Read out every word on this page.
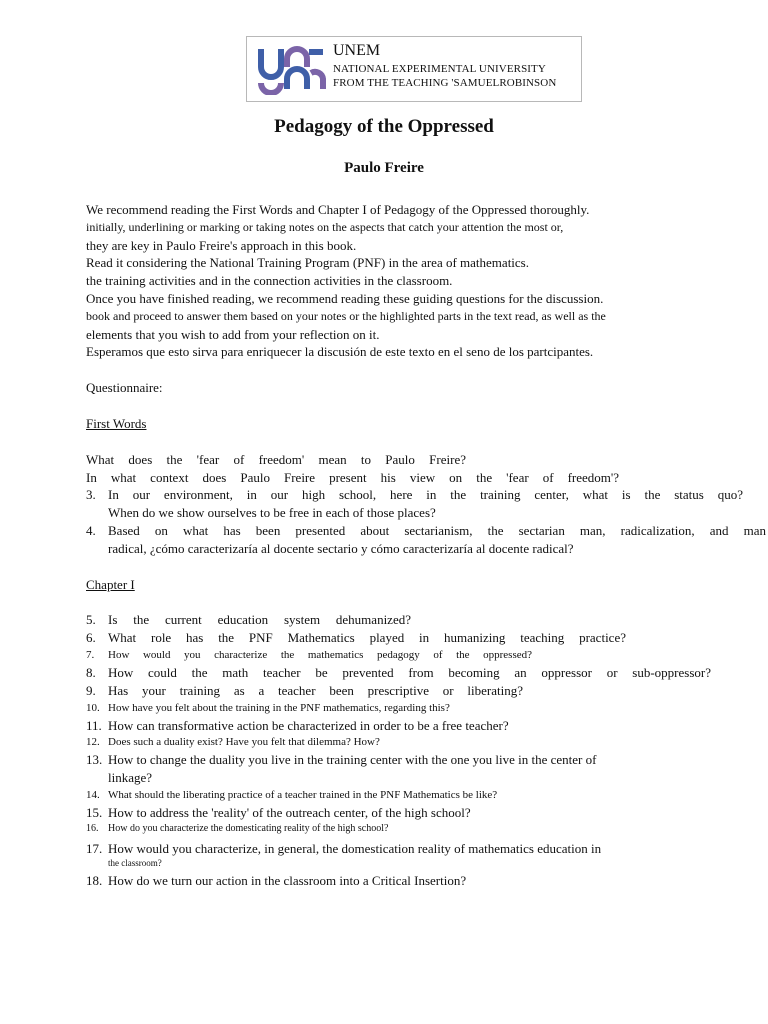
UNEM
NATIONAL EXPERIMENTAL UNIVERSITY
FROM THE TEACHING 'SAMUELROBINSON
Pedagogy of the Oppressed
Paulo Freire
We recommend reading the First Words and Chapter I of Pedagogy of the Oppressed thoroughly.
initially, underlining or marking or taking notes on the aspects that catch your attention the most or,
they are key in Paulo Freire's approach in this book.
Read it considering the National Training Program (PNF) in the area of mathematics.
the training activities and in the connection activities in the classroom.
Once you have finished reading, we recommend reading these guiding questions for the discussion.
book and proceed to answer them based on your notes or the highlighted parts in the text read, as well as the
elements that you wish to add from your reflection on it.
Esperamos que esto sirva para enriquecer la discusión de este texto en el seno de los partcipantes.
Questionnaire:
First Words
What does the 'fear of freedom' mean to Paulo Freire?
In what context does Paulo Freire present his view on the 'fear of freedom'?
3. In our environment, in our high school, here in the training center, what is the status quo?
When do we show ourselves to be free in each of those places?
4. Based on what has been presented about sectarianism, the sectarian man, radicalization, and man
radical, ¿cómo caracterizaría al docente sectario y cómo caracterizaría al docente radical?
Chapter I
5. Is the current education system dehumanized?
6. What role has the PNF Mathematics played in humanizing teaching practice?
7.	How would you characterize the mathematics pedagogy of the oppressed?
8. How could the math teacher be prevented from becoming an oppressor or sub-oppressor?
9. Has your training as a teacher been prescriptive or liberating?
10. How have you felt about the training in the PNF mathematics, regarding this?
11. How can transformative action be characterized in order to be a free teacher?
12. Does such a duality exist? Have you felt that dilemma? How?
13. How to change the duality you live in the training center with the one you live in the center of
linkage?
14. What should the liberating practice of a teacher trained in the PNF Mathematics be like?
15. How to address the 'reality' of the outreach center, of the high school?
16. How do you characterize the domesticating reality of the high school?
17. How would you characterize, in general, the domestication reality of mathematics education in
the classroom?
18. How do we turn our action in the classroom into a Critical Insertion?
